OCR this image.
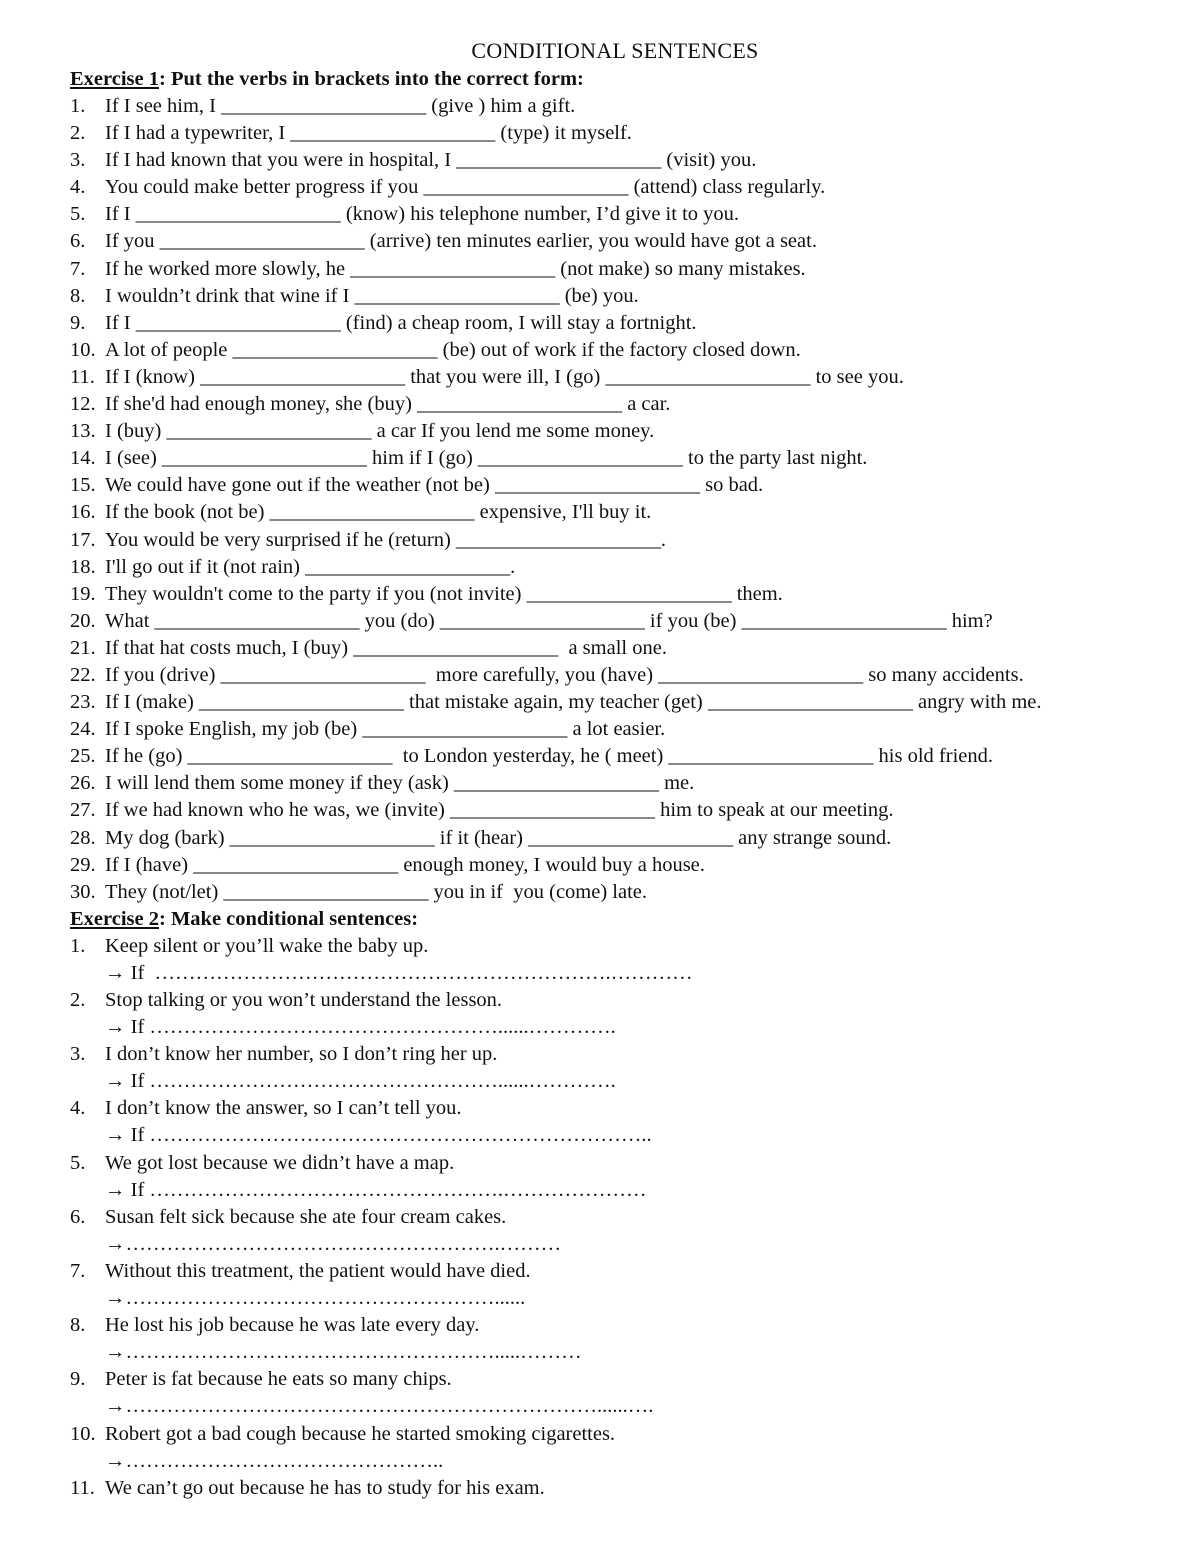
CONDITIONAL SENTENCES
Exercise 1: Put the verbs in brackets into the correct form:
1. If I see him, I ____________________ (give ) him a gift.
2. If I had a typewriter, I ____________________ (type) it myself.
3. If I had known that you were in hospital, I ____________________ (visit) you.
4. You could make better progress if you ____________________ (attend) class regularly.
5. If I ____________________ (know) his telephone number, I’d give it to you.
6. If you ____________________ (arrive) ten minutes earlier, you would have got a seat.
7. If he worked more slowly, he ____________________ (not make) so many mistakes.
8. I wouldn’t drink that wine if I ____________________ (be) you.
9. If I ____________________ (find) a cheap room, I will stay a fortnight.
10. A lot of people ____________________ (be) out of work if the factory closed down.
11. If I (know) ____________________ that you were ill, I (go) ____________________ to see you.
12. If she'd had enough money, she (buy) ____________________ a car.
13. I (buy) ____________________ a car If you lend me some money.
14. I (see) ____________________ him if I (go) ____________________ to the party last night.
15. We could have gone out if the weather (not be) ____________________ so bad.
16. If the book (not be) ____________________ expensive, I'll buy it.
17. You would be very surprised if he (return) ____________________.
18. I'll go out if it (not rain) ____________________.
19. They wouldn't come to the party if you (not invite) ____________________ them.
20. What ____________________ you (do) ____________________ if you (be) ____________________ him?
21. If that hat costs much, I (buy) ____________________  a small one.
22. If you (drive) ____________________  more carefully, you (have) ____________________ so many accidents.
23. If I (make) ____________________ that mistake again, my teacher (get) ____________________ angry with me.
24. If I spoke English, my job (be) ____________________ a lot easier.
25. If he (go) ____________________  to London yesterday, he ( meet) ____________________ his old friend.
26. I will lend them some money if they (ask) ____________________ me.
27. If we had known who he was, we (invite) ____________________ him to speak at our meeting.
28. My dog (bark) ____________________ if it (hear) ____________________ any strange sound.
29. If I (have) ____________________ enough money, I would buy a house.
30. They (not/let) ____________________ you in if  you (come) late.
Exercise 2: Make conditional sentences:
1. Keep silent or you’ll wake the baby up.
→ If  ………………………………………………………….…………
2. Stop talking or you won’t understand the lesson.
→ If ……………………………………………......………….
3. I don’t know her number, so I don’t ring her up.
→ If ……………………………………………......………….
4. I don’t know the answer, so I can’t tell you.
→ If ………………………………………………………………..
5. We got lost because we didn’t have a map.
→ If …………………………………………….…………………
6. Susan felt sick because she ate four cream cakes.
→……………………………………………….………
7. Without this treatment, the patient would have died.
→………………………………………………......
8. He lost his job because he was late every day.
→……………………………………………….....………
9. Peter is fat because he eats so many chips.
→……………………………………………………………......….
10. Robert got a bad cough because he started smoking cigarettes.
→………………………………………..
11. We can’t go out because he has to study for his exam.
